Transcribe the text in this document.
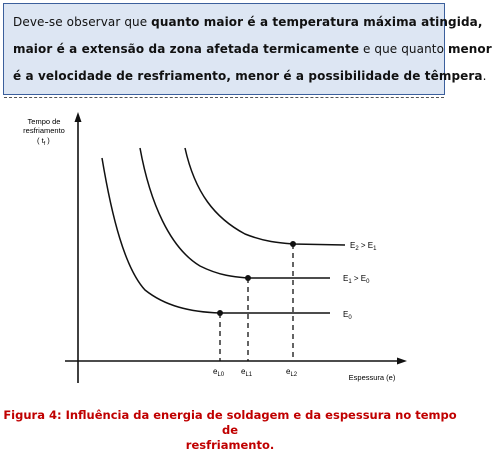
Deve-se observar que quanto maior é a temperatura máxima atingida,
maior é a extensão da zona afetada termicamente e que quanto menor
é a velocidade de resfriamento, menor é a possibilidade de têmpera.
Tempo de
resfriamento
( $t_f$ )
$E_0$
$E_1 > E_0$
$E_2 > E_1$
$e_{L0}$ $e_{L1}$	$e_{L2}$	Espessura (e)
Figura 4: Influência da energia de soldagem e da espessura no tempo de
resfriamento.
